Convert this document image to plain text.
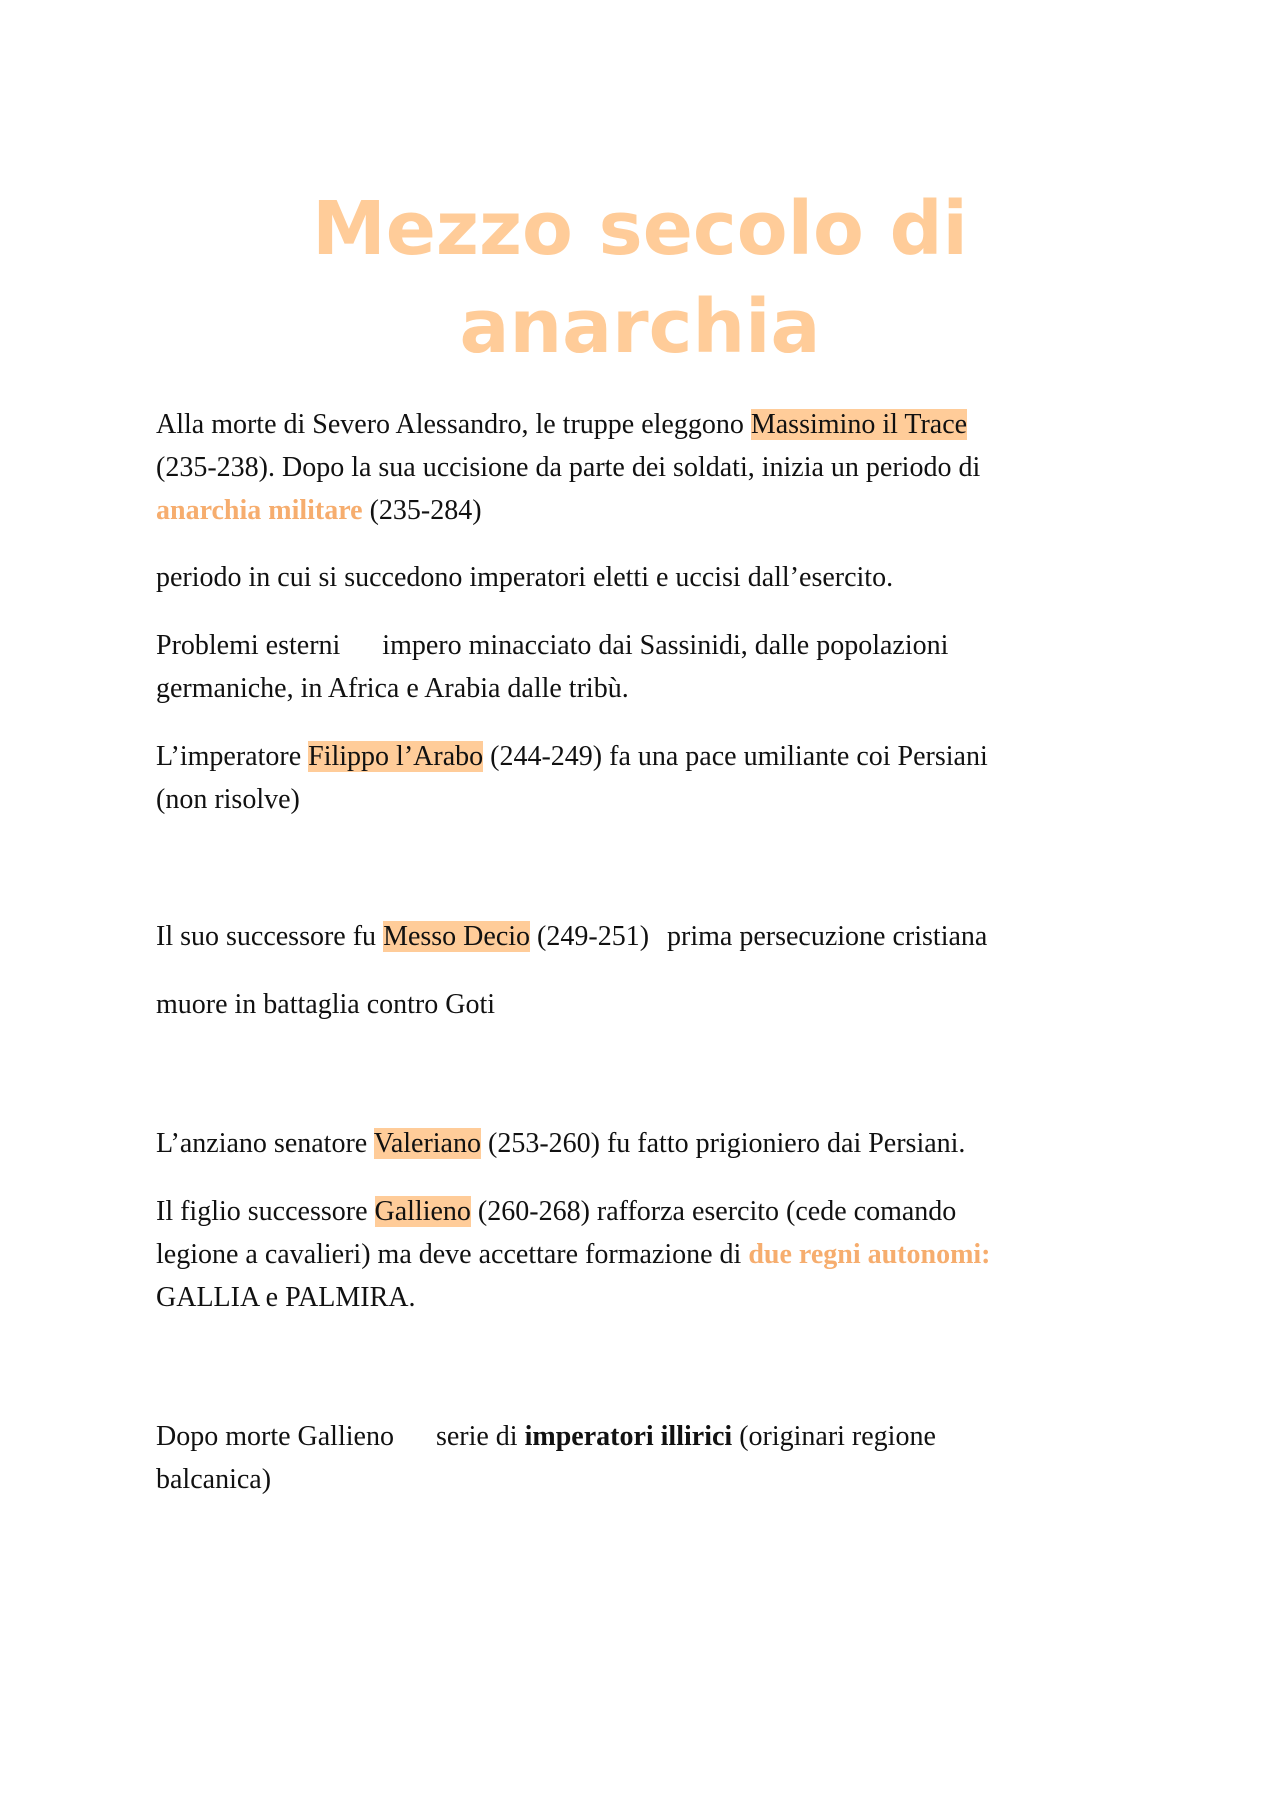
Mezzo secolo di
anarchia

Alla morte di Severo Alessandro, le truppe eleggono Massimino il Trace
(235-238). Dopo la sua uccisione da parte dei soldati, inizia un periodo di
anarchia militare (235-284)

periodo in cui si succedono imperatori eletti e uccisi dall’esercito.

Problemi esterni impero minacciato dai Sassinidi, dalle popolazioni
germaniche, in Africa e Arabia dalle tribù.

L’imperatore Filippo l’Arabo (244-249) fa una pace umiliante coi Persiani
(non risolve)

Il suo successore fu Messo Decio (249-251) prima persecuzione cristiana

muore in battaglia contro Goti

L’anziano senatore Valeriano (253-260) fu fatto prigioniero dai Persiani.

Il figlio successore Gallieno (260-268) rafforza esercito (cede comando
legione a cavalieri) ma deve accettare formazione di due regni autonomi:
GALLIA e PALMIRA.

Dopo morte Gallieno serie di imperatori illirici (originari regione
balcanica)
